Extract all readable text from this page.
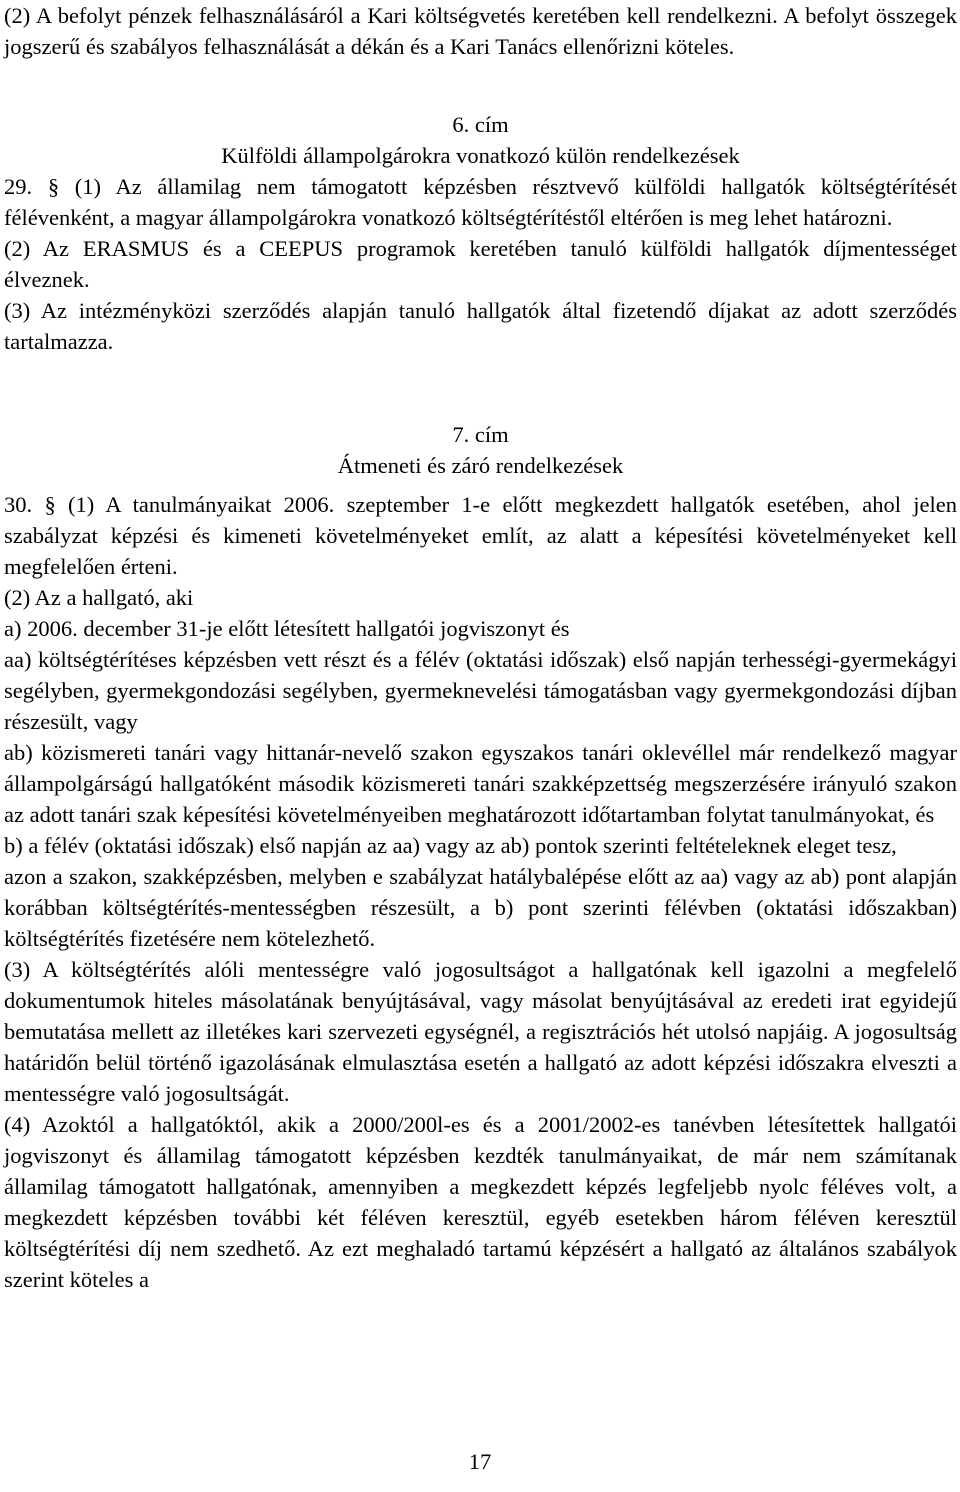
(2) A befolyt pénzek felhasználásáról a Kari költségvetés keretében kell rendelkezni. A befolyt összegek jogszerű és szabályos felhasználását a dékán és a Kari Tanács ellenőrizni köteles.

6. cím

Külföldi állampolgárokra vonatkozó külön rendelkezések

29. § (1) Az államilag nem támogatott képzésben résztvevő külföldi hallgatók költségtérítését félévenként, a magyar állampolgárokra vonatkozó költségtérítéstől eltérően is meg lehet határozni.

(2) Az ERASMUS és a CEEPUS programok keretében tanuló külföldi hallgatók díjmentességet élveznek.

(3) Az intézményközi szerződés alapján tanuló hallgatók által fizetendő díjakat az adott szerződés tartalmazza.

7. cím

Átmeneti és záró rendelkezések

30. § (1) A tanulmányaikat 2006. szeptember 1-e előtt megkezdett hallgatók esetében, ahol jelen szabályzat képzési és kimeneti követelményeket említ, az alatt a képesítési követelményeket kell megfelelően érteni.

(2) Az a hallgató, aki

a) 2006. december 31-je előtt létesített hallgatói jogviszonyt és

aa) költségtérítéses képzésben vett részt és a félév (oktatási időszak) első napján terhességi-gyermekágyi segélyben, gyermekgondozási segélyben, gyermeknevelési támogatásban vagy gyermekgondozási díjban részesült, vagy

ab) közismereti tanári vagy hittanár-nevelő szakon egyszakos tanári oklevéllel már rendelkező magyar állampolgárságú hallgatóként második közismereti tanári szakképzettség megszerzésére irányuló szakon az adott tanári szak képesítési követelményeiben meghatározott időtartamban folytat tanulmányokat, és

b) a félév (oktatási időszak) első napján az aa) vagy az ab) pontok szerinti feltételeknek eleget tesz,

azon a szakon, szakképzésben, melyben e szabályzat hatálybalépése előtt az aa) vagy az ab) pont alapján korábban költségtérítés-mentességben részesült, a b) pont szerinti félévben (oktatási időszakban) költségtérítés fizetésére nem kötelezhető.

(3) A költségtérítés alóli mentességre való jogosultságot a hallgatónak kell igazolni a megfelelő dokumentumok hiteles másolatának benyújtásával, vagy másolat benyújtásával az eredeti irat egyidejű bemutatása mellett az illetékes kari szervezeti egységnél, a regisztrációs hét utolsó napjáig. A jogosultság határidőn belül történő igazolásának elmulasztása esetén a hallgató az adott képzési időszakra elveszti a mentességre való jogosultságát.

(4) Azoktól a hallgatóktól, akik a 2000/200l-es és a 2001/2002-es tanévben létesítettek hallgatói jogviszonyt és államilag támogatott képzésben kezdték tanulmányaikat, de már nem számítanak államilag támogatott hallgatónak, amennyiben a megkezdett képzés legfeljebb nyolc féléves volt, a megkezdett képzésben további két féléven keresztül, egyéb esetekben három féléven keresztül költségtérítési díj nem szedhető. Az ezt meghaladó tartamú képzésért a hallgató az általános szabályok szerint köteles a

17
